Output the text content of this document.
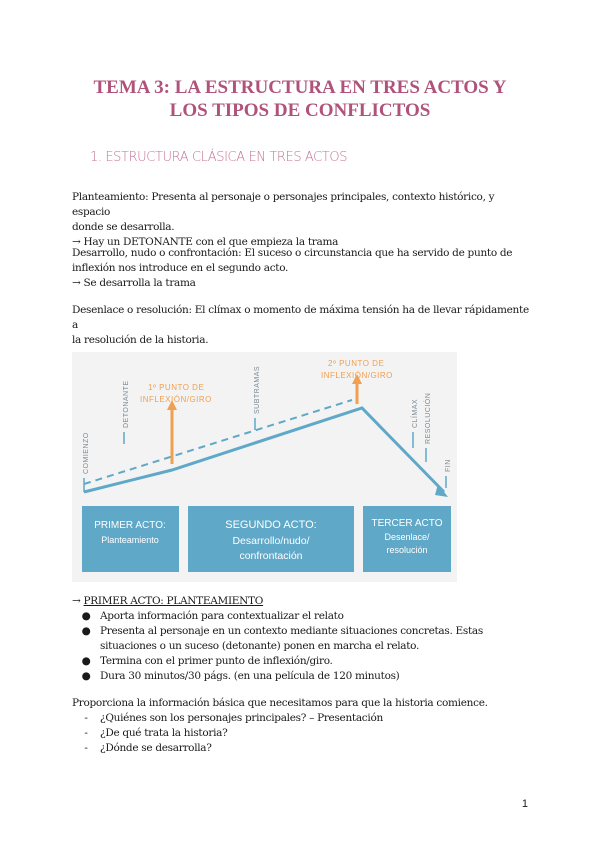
TEMA 3: LA ESTRUCTURA EN TRES ACTOS Y
LOS TIPOS DE CONFLICTOS
1. ESTRUCTURA CLÁSICA EN TRES ACTOS

Planteamiento: Presenta al personaje o personajes principales, contexto histórico, y espacio
donde se desarrolla.
→ Hay un DETONANTE con el que empieza la trama

Desarrollo, nudo o confrontación: El suceso o circunstancia que ha servido de punto de
inflexión nos introduce en el segundo acto.
→ Se desarrolla la trama

Desenlace o resolución: El clímax o momento de máxima tensión ha de llevar rápidamente a
la resolución de la historia.

COMIENZO
DETONANTE	SUBTRAMAS	CLÍMAX RESOLUCIÓN
FIN
1º PUNTO DE
INFLEXIÓN/GIRO
2º PUNTO DE
INFLEXIÓN/GIRO
PRIMER ACTO:
Planteamiento
SEGUNDO ACTO:
Desarrollo/nudo/
confrontación
TERCER ACTO
Desenlace/
resolución
→ PRIMER ACTO: PLANTEAMIENTO
● Aporta información para contextualizar el relato
● Presenta al personaje en un contexto mediante situaciones concretas. Estas
situaciones o un suceso (detonante) ponen en marcha el relato.
● Termina con el primer punto de inflexión/giro.
● Dura 30 minutos/30 págs. (en una película de 120 minutos)
Proporciona la información básica que necesitamos para que la historia comience.
-	¿Quiénes son los personajes principales? – Presentación
-	¿De qué trata la historia?
-	¿Dónde se desarrolla?
1
